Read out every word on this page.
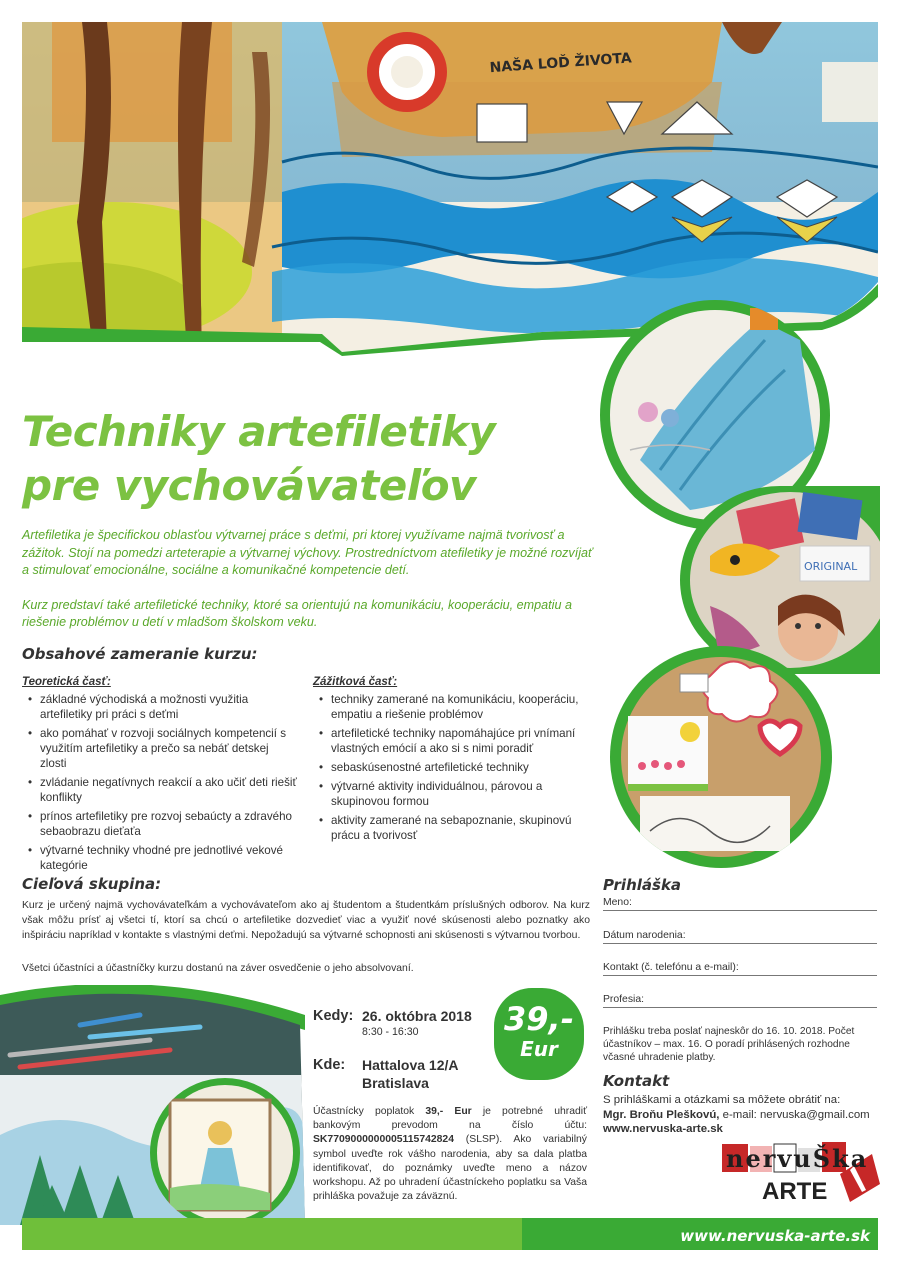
NAŠA LOĎ ŽIVOTA
ORIGINAL
Techniky artefiletiky
pre vychovávateľov

Artefiletika je špecifickou oblasťou výtvarnej práce s deťmi, pri ktorej využívame najmä tvorivosť a zážitok. Stojí na pomedzi arteterapie a výtvarnej výchovy. Prostredníctvom atefiletiky je možné rozvíjať a stimulovať emocionálne, sociálne a komunikačné kompetencie detí.

Kurz predstaví také artefiletické techniky, ktoré sa orientujú na komunikáciu, kooperáciu, empatiu a riešenie problémov u detí v mladšom školskom veku.

Obsahové zameranie kurzu:
Teoretická časť:
• základné východiská a možnosti využitia artefiletiky pri práci s deťmi
• ako pomáhať v rozvoji sociálnych kompetencií s využitím artefiletiky a prečo sa nebáť detskej zlosti
• zvládanie negatívnych reakcií a ako učiť deti riešiť konflikty
• prínos artefiletiky pre rozvoj sebaúcty a zdravého sebaobrazu dieťaťa
• výtvarné techniky vhodné pre jednotlivé vekové kategórie
Zážitková časť:
• techniky zamerané na komunikáciu, kooperáciu, empatiu a riešenie problémov
• artefiletické techniky napomáhajúce pri vnímaní vlastných emócií a ako si s nimi poradiť
• sebaskúsenostné artefiletické techniky
• výtvarné aktivity individuálnou, párovou a skupinovou formou
• aktivity zamerané na sebapoznanie, skupinovú prácu a tvorivosť
Cieľová skupina:

Kurz je určený najmä vychovávateľkám a vychovávateľom ako aj študentom a študentkám príslušných odborov. Na kurz však môžu prísť aj všetci tí, ktorí sa chcú o artefiletike dozvedieť viac a využiť nové skúsenosti alebo poznatky ako inšpiráciu napríklad v kontakte s vlastnými deťmi. Nepožadujú sa výtvarné schopnosti ani skúsenosti s výtvarnou tvorbou.

Všetci účastníci a účastníčky kurzu dostanú na záver osvedčenie o jeho absolvovaní.

Prihláška
Meno:
Dátum narodenia:
Kontakt (č. telefónu a e-mail):
Profesia:

Prihlášku treba poslať najneskôr do 16. 10. 2018. Počet účastníkov – max. 16. O poradí prihlásených rozhodne včasné uhradenie platby.

Kontakt
S prihláškami a otázkami sa môžete obrátiť na:
Mgr. Broňu Pleškovú, e-mail: nervuska@gmail.com
www.nervuska-arte.sk
Kedy: 26. októbra 2018
8:30 - 16:30
Kde: Hattalova 12/A
Bratislava
39,-
Eur

Účastnícky poplatok 39,- Eur je potrebné uhradiť bankovým prevodom na číslo účtu: SK7709000000005115742824 (SLSP). Ako variabilný symbol uveďte rok vášho narodenia, aby sa dala platba identifikovať, do poznámky uveďte meno a názov workshopu. Až po uhradení účastníckeho poplatku sa Vaša prihláška považuje za záväznú.

nervuŠka
ARTE
www.nervuska-arte.sk
